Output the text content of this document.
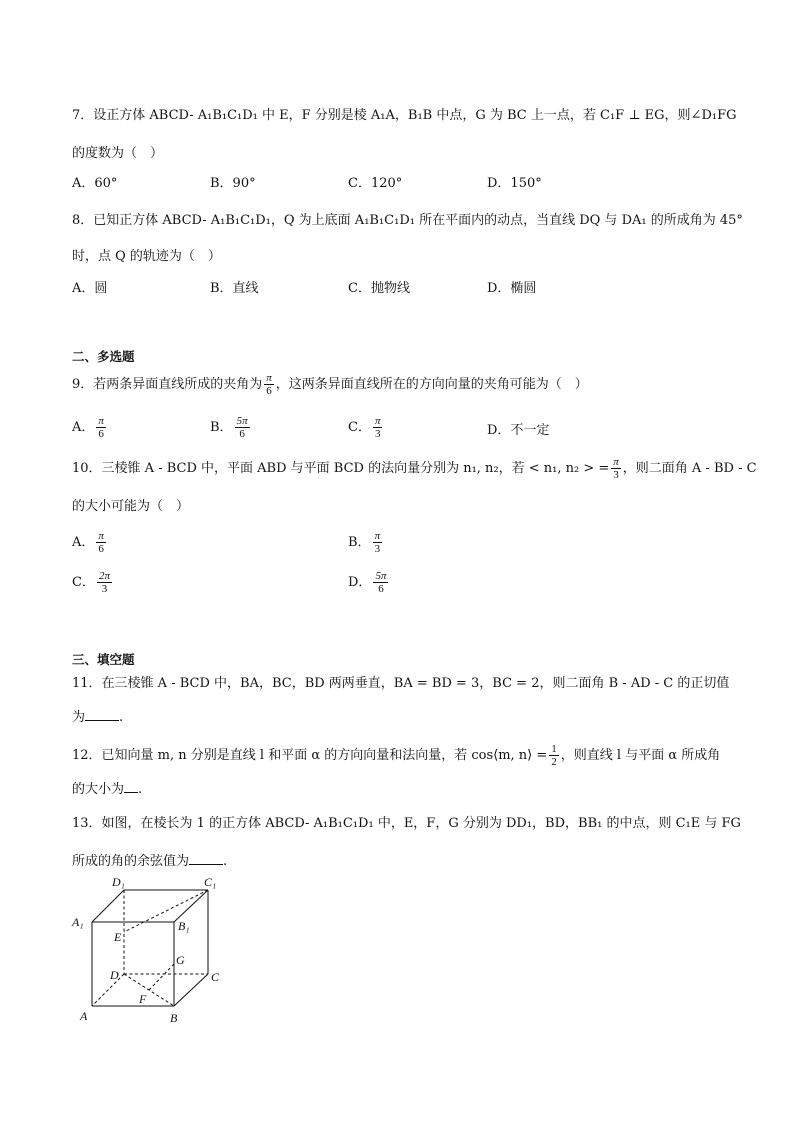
7．设正方体 ABCD- A₁B₁C₁D₁ 中 E，F 分别是棱 A₁A，B₁B 中点，G 为 BC 上一点，若 C₁F ⊥ EG，则∠D₁FG
的度数为（　）
A．60°	B．90°	C．120°	D．150°
8．已知正方体 ABCD- A₁B₁C₁D₁，Q 为上底面 A₁B₁C₁D₁ 所在平面内的动点，当直线 DQ 与 DA₁ 的所成角为 45°
时，点 Q 的轨迹为（　）
A．圆	B．直线	C．抛物线	D．椭圆
二、多选题
9．若两条异面直线所成的夹角为 $\frac{\pi}{6}$ ，这两条异面直线所在的方向向量的夹角可能为（　）
A． $\frac{\pi}{6}$	B． $\frac{5\pi}{6}$	C． $\frac{\pi}{3}$	D．不一定
10．三棱锥 A - BCD 中，平面 ABD 与平面 BCD 的法向量分别为 n₁, n₂，若 < n₁, n₂ > = $\frac{\pi}{3}$ ，则二面角 A - BD - C
的大小可能为（　）
A． $\frac{\pi}{6}$	B． $\frac{\pi}{3}$
C． $\frac{2\pi}{3}$	D． $\frac{5\pi}{6}$
三、填空题
11．在三棱锥 A - BCD 中，BA，BC，BD 两两垂直，BA = BD = 3，BC = 2，则二面角 B - AD - C 的正切值
为	.
12．已知向量 m, n 分别是直线 l 和平面 α 的方向向量和法向量，若 cos⟨m, n⟩ = $\frac{1}{2}$ ，则直线 l 与平面 α 所成角
的大小为 .
13．如图，在棱长为 1 的正方体 ABCD- A₁B₁C₁D₁ 中，E，F，G 分别为 DD₁，BD，BB₁ 的中点，则 C₁E 与 FG
所成的角的余弦值为	.
D₁	C₁
A₁	B₁
E
G
D	C
F
A	B
